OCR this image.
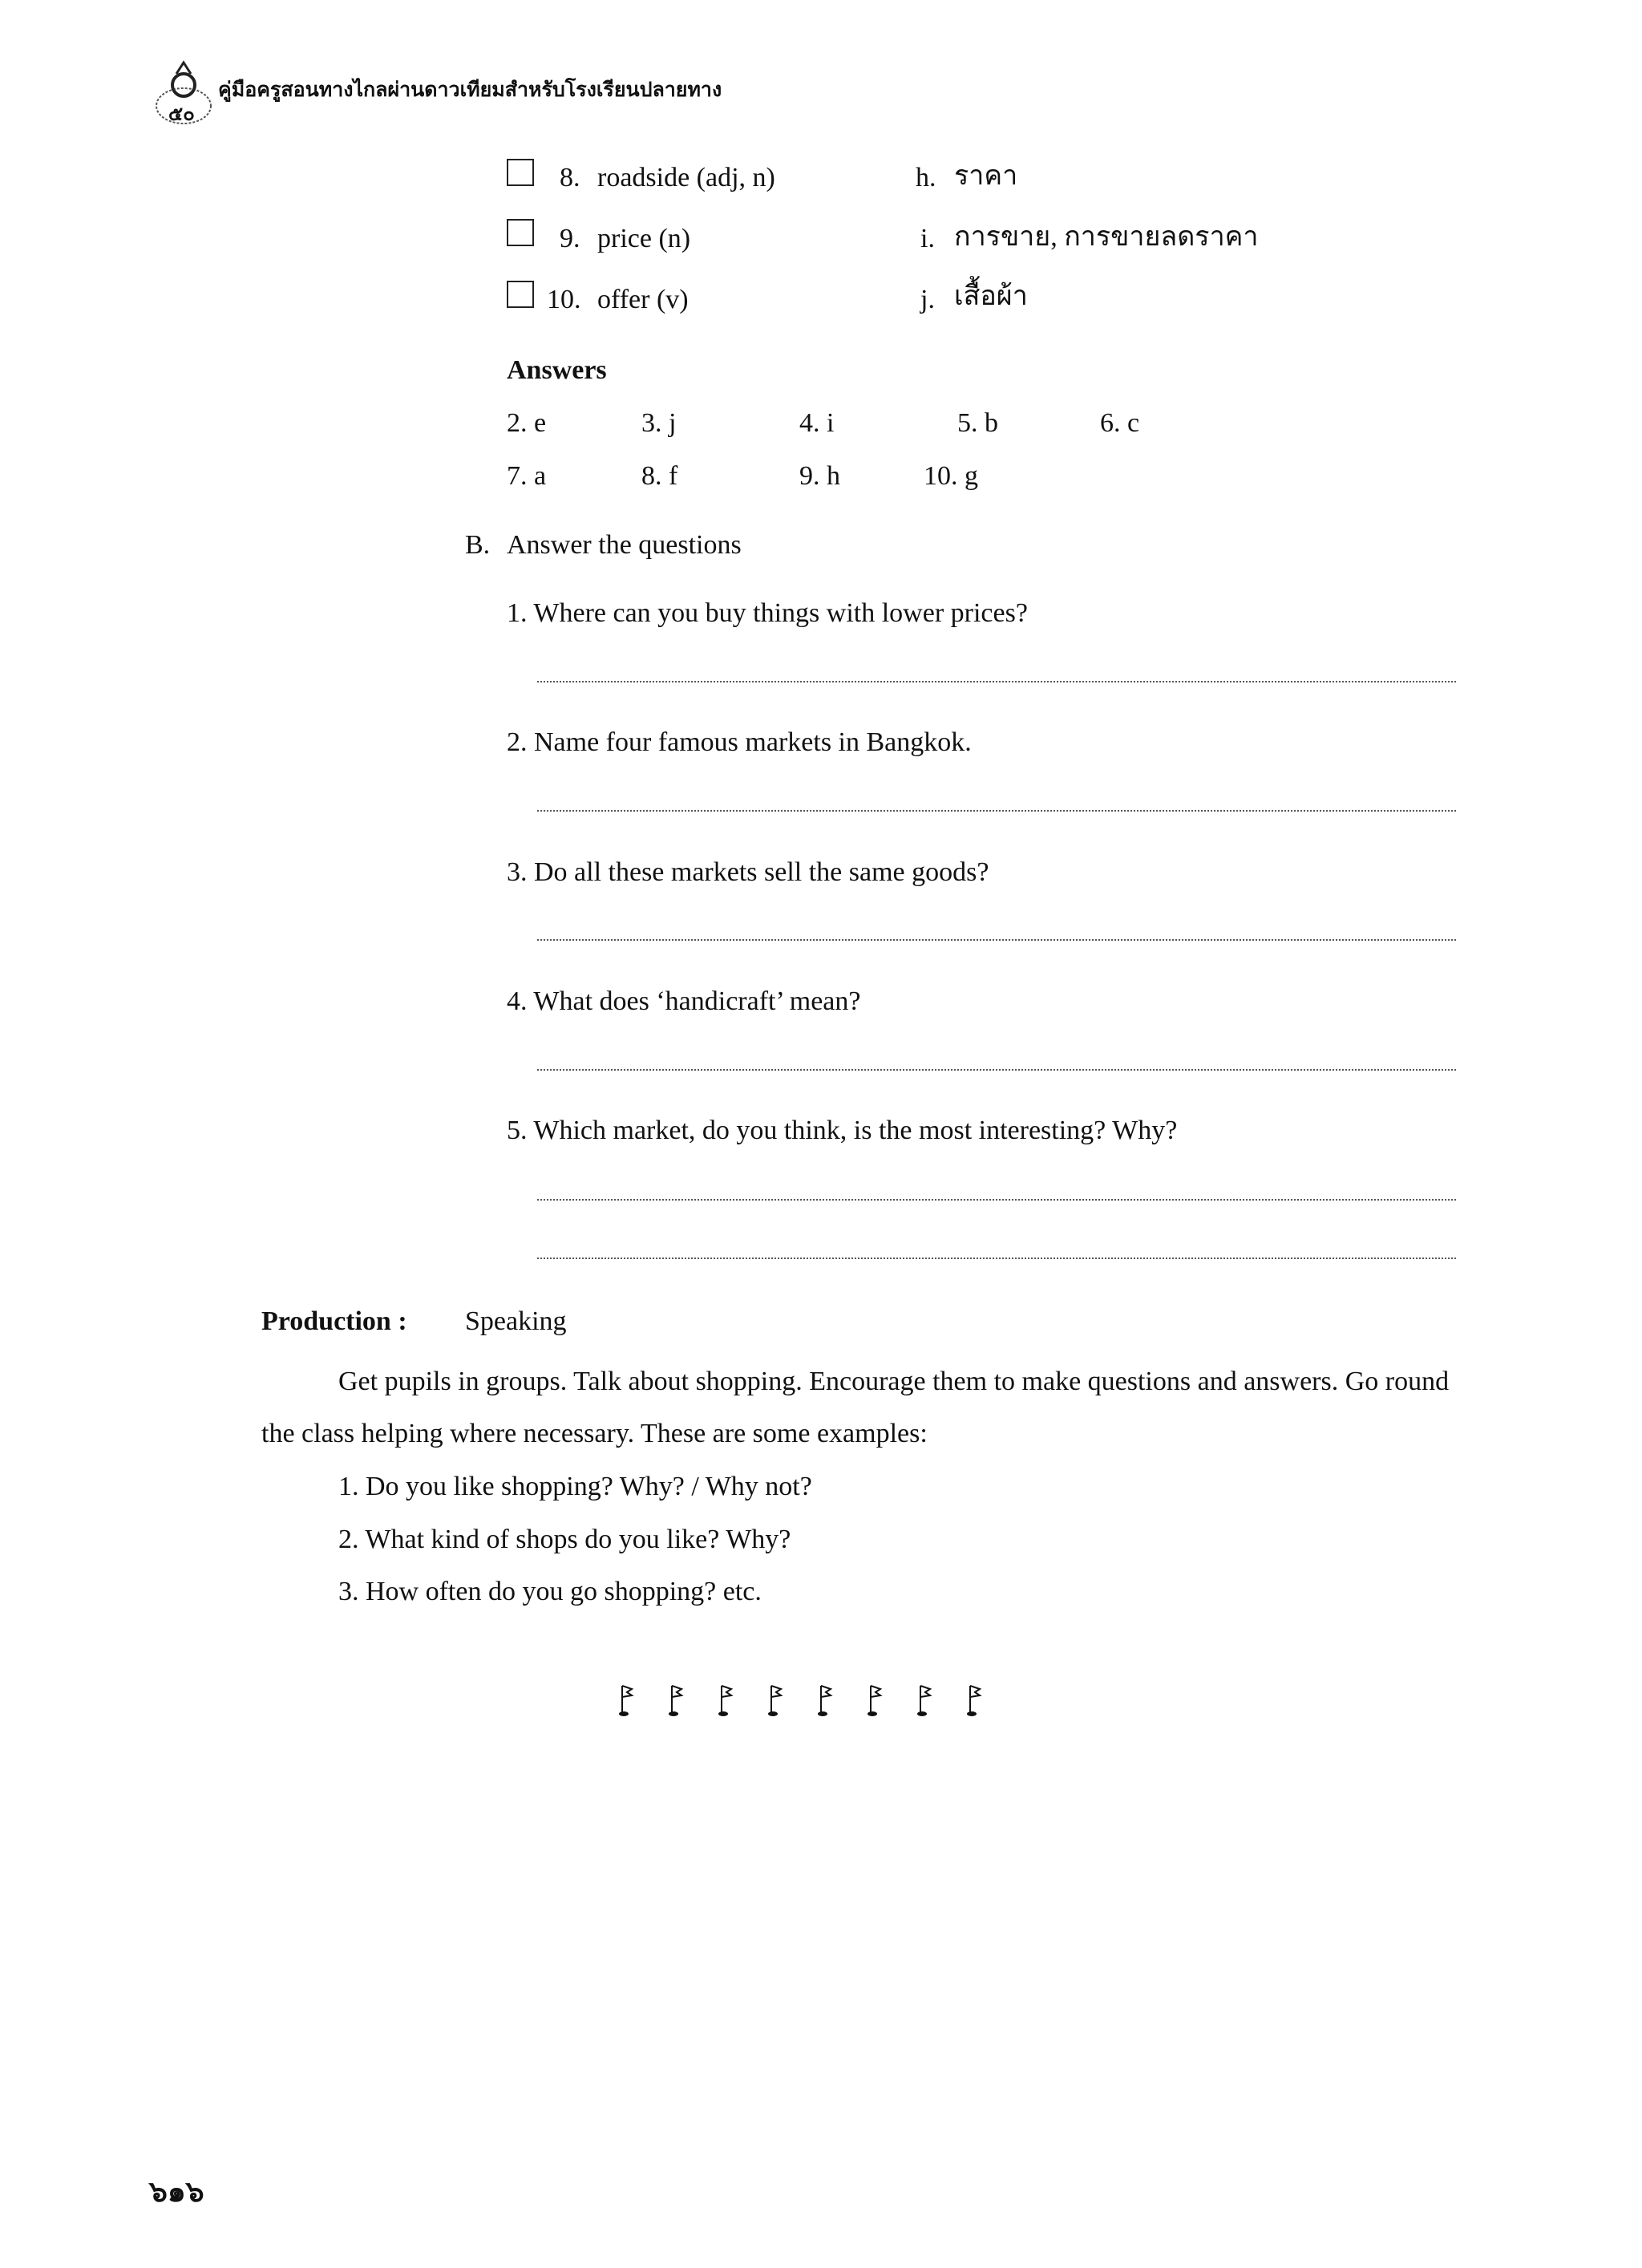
๕๐
คู่มือครูสอนทางไกลผ่านดาวเทียมสำหรับโรงเรียนปลายทาง
8. roadside (adj, n)	h. ราคา
9. price (n)	i. การขาย, การขายลดราคา
10. offer (v)	j. เสื้อผ้า
Answers
2. e	3. j	4. i	5. b	6. c
7. a	8. f	9. h	10. g
B. Answer the questions
1. Where can you buy things with lower prices?
2. Name four famous markets in Bangkok.
3. Do all these markets sell the same goods?
4. What does ‘handicraft’ mean?
5. Which market, do you think, is the most interesting? Why?
Production : Speaking
Get pupils in groups. Talk about shopping. Encourage them to make questions and answers. Go round
the class helping where necessary. These are some examples:
1. Do you like shopping? Why? / Why not?
2. What kind of shops do you like? Why?
3. How often do you go shopping? etc.
๖๑๖
